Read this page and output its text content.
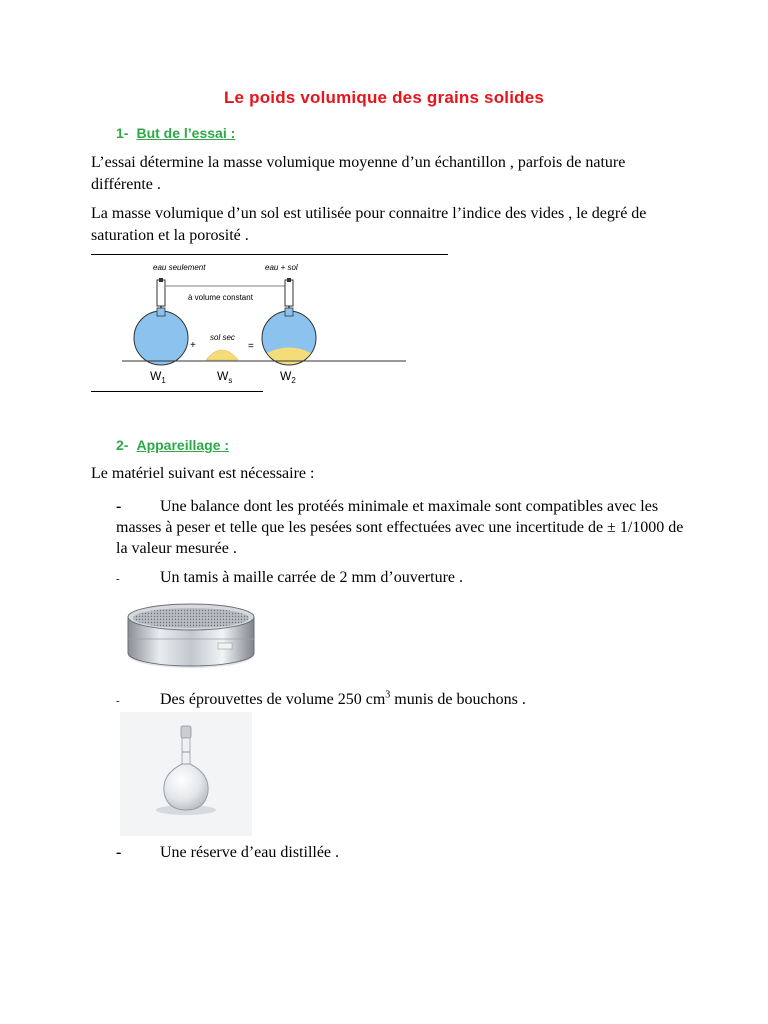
Le poids volumique des grains solides
1- But de l’essai :

L’essai détermine la masse volumique moyenne d’un échantillon , parfois de nature différente .

La masse volumique d’un sol est utilisée pour connaitre l’indice des vides , le degré de saturation et la porosité .

eau seulement	eau + sol
à volume constant
+
sol sec
=
$W_1$	$W_s$	$W_2$
2- Appareillage :

Le matériel suivant est nécessaire :

- Une balance dont les protéés minimale et maximale sont compatibles avec les masses à peser et telle que les pesées sont effectuées avec une incertitude de ± 1/1000 de la valeur mesurée .
-	Un tamis à maille carrée de 2 mm d’ouverture .
-	Des éprouvettes de volume 250 $cm^3$ munis de bouchons .
- Une réserve d’eau distillée .
